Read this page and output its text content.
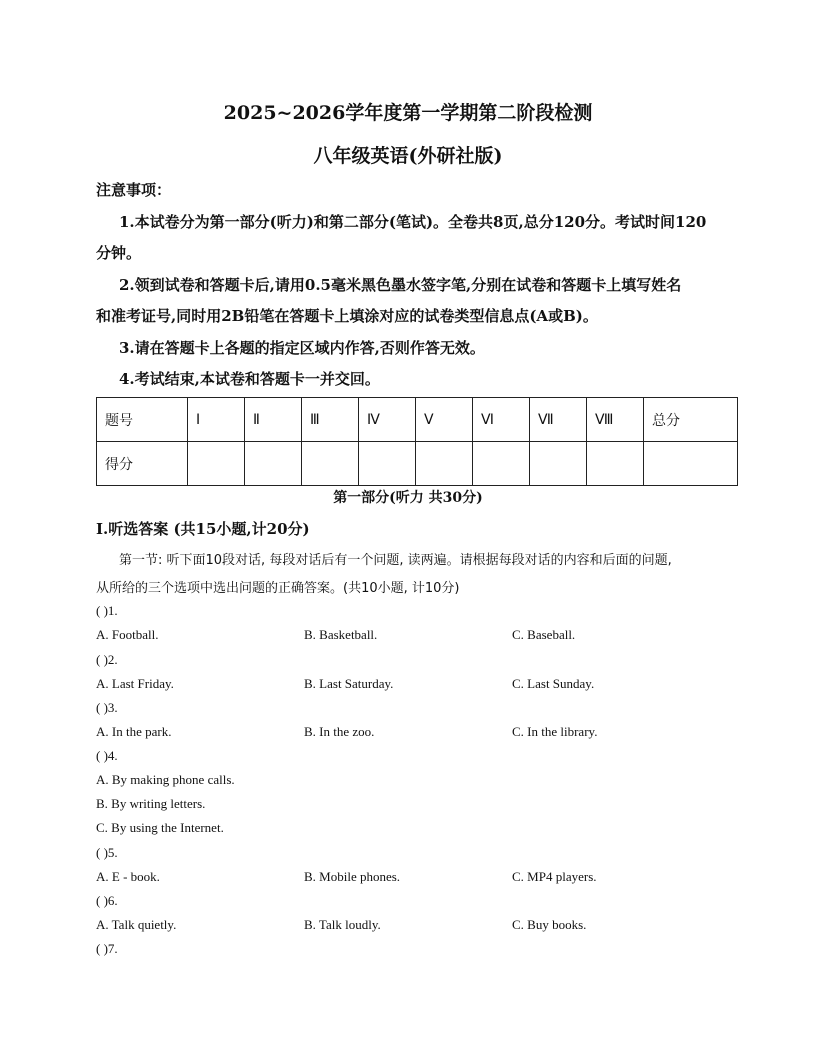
2025~2026学年度第一学期第二阶段检测
八年级英语(外研社版)
注意事项：
1.本试卷分为第一部分(听力)和第二部分(笔试)。全卷共8页,总分120分。考试时间120
分钟。
2.领到试卷和答题卡后,请用0.5毫米黑色墨水签字笔,分别在试卷和答题卡上填写姓名
和准考证号,同时用2B铅笔在答题卡上填涂对应的试卷类型信息点(A或B)。
3.请在答题卡上各题的指定区域内作答,否则作答无效。
4.考试结束,本试卷和答题卡一并交回。
题号	Ⅰ	Ⅱ	Ⅲ	Ⅳ	Ⅴ	Ⅵ	Ⅶ	Ⅷ	总分
得分									
第一部分(听力 共30分)
Ⅰ.听选答案 (共15小题,计20分)
第一节: 听下面10段对话, 每段对话后有一个问题, 读两遍。请根据每段对话的内容和后面的问题,
从所给的三个选项中选出问题的正确答案。(共10小题, 计10分)
( )1.
A. Football.	B. Basketball.	C. Baseball.
( )2.
A. Last Friday.	B. Last Saturday.	C. Last Sunday.
( )3.
A. In the park.	B. In the zoo.	C. In the library.
( )4.
A. By making phone calls.
B. By writing letters.
C. By using the Internet.
( )5.
A. E - book.	B. Mobile phones.	C. MP4 players.
( )6.
A. Talk quietly.	B. Talk loudly.	C. Buy books.
( )7.
